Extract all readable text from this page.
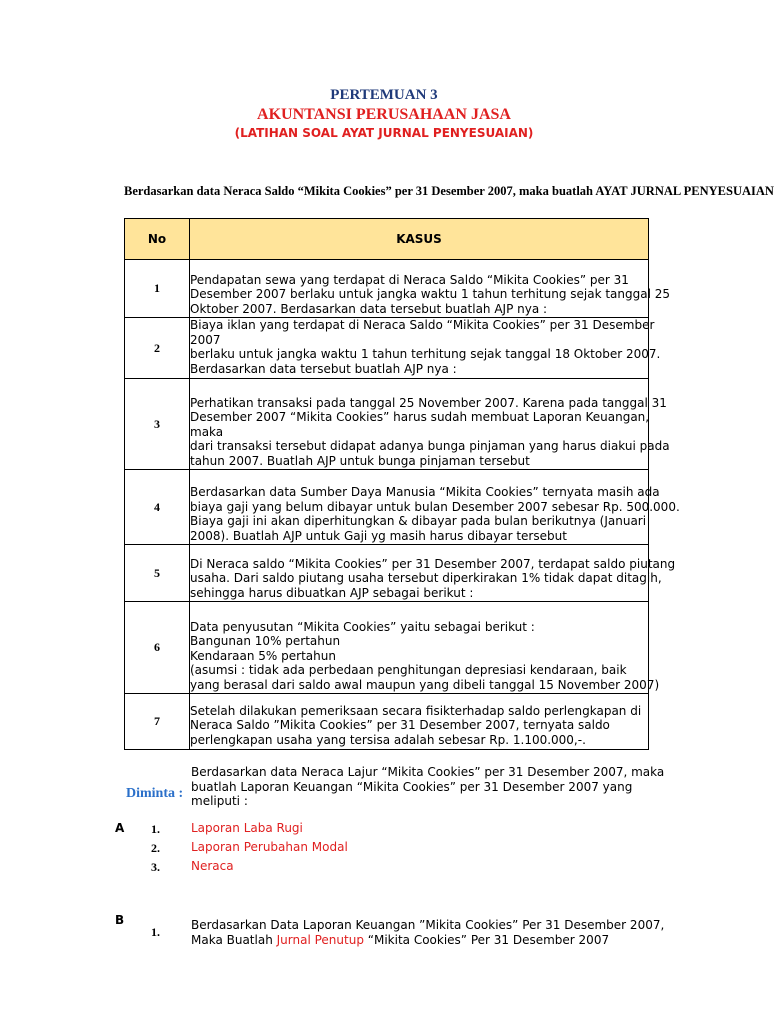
PERTEMUAN 3
AKUNTANSI PERUSAHAAN JASA
(LATIHAN SOAL AYAT JURNAL PENYESUAIAN)
Berdasarkan data Neraca Saldo “Mikita Cookies” per 31 Desember 2007, maka buatlah AYAT JURNAL PENYESUAIAN
No	KASUS
1	Pendapatan sewa yang terdapat di Neraca Saldo “Mikita Cookies” per 31
Desember 2007 berlaku untuk jangka waktu 1 tahun terhitung sejak tanggal 25
Oktober 2007. Berdasarkan data tersebut buatlah AJP nya :

2	Biaya iklan yang terdapat di Neraca Saldo “Mikita Cookies” per 31 Desember
2007
berlaku untuk jangka waktu 1 tahun terhitung sejak tanggal 18 Oktober 2007.
Berdasarkan data tersebut buatlah AJP nya :

3	Perhatikan transaksi pada tanggal 25 November 2007. Karena pada tanggal 31
Desember 2007 “Mikita Cookies” harus sudah membuat Laporan Keuangan,
maka
dari transaksi tersebut didapat adanya bunga pinjaman yang harus diakui pada
tahun 2007. Buatlah AJP untuk bunga pinjaman tersebut

4	Berdasarkan data Sumber Daya Manusia “Mikita Cookies” ternyata masih ada
biaya gaji yang belum dibayar untuk bulan Desember 2007 sebesar Rp. 500.000.
Biaya gaji ini akan diperhitungkan & dibayar pada bulan berikutnya (Januari
2008). Buatlah AJP untuk Gaji yg masih harus dibayar tersebut

5	Di Neraca saldo “Mikita Cookies” per 31 Desember 2007, terdapat saldo piutang
usaha. Dari saldo piutang usaha tersebut diperkirakan 1% tidak dapat ditagih,
sehingga harus dibuatkan AJP sebagai berikut :

6	Data penyusutan “Mikita Cookies” yaitu sebagai berikut :
Bangunan 10% pertahun
Kendaraan 5% pertahun
(asumsi : tidak ada perbedaan penghitungan depresiasi kendaraan, baik
yang berasal dari saldo awal maupun yang dibeli tanggal 15 November 2007)

7	Setelah dilakukan pemeriksaan secara fisikterhadap saldo perlengkapan di
Neraca Saldo ”Mikita Cookies” per 31 Desember 2007, ternyata saldo
perlengkapan usaha yang tersisa adalah sebesar Rp. 1.100.000,-.
Diminta :
Berdasarkan data Neraca Lajur “Mikita Cookies” per 31 Desember 2007, maka
buatlah Laporan Keuangan “Mikita Cookies” per 31 Desember 2007 yang
meliputi :
A 1.	Laporan Laba Rugi
2.	Laporan Perubahan Modal
3.	Neraca
B
1.	Berdasarkan Data Laporan Keuangan ”Mikita Cookies” Per 31 Desember 2007,
Maka Buatlah Jurnal Penutup “Mikita Cookies” Per 31 Desember 2007
